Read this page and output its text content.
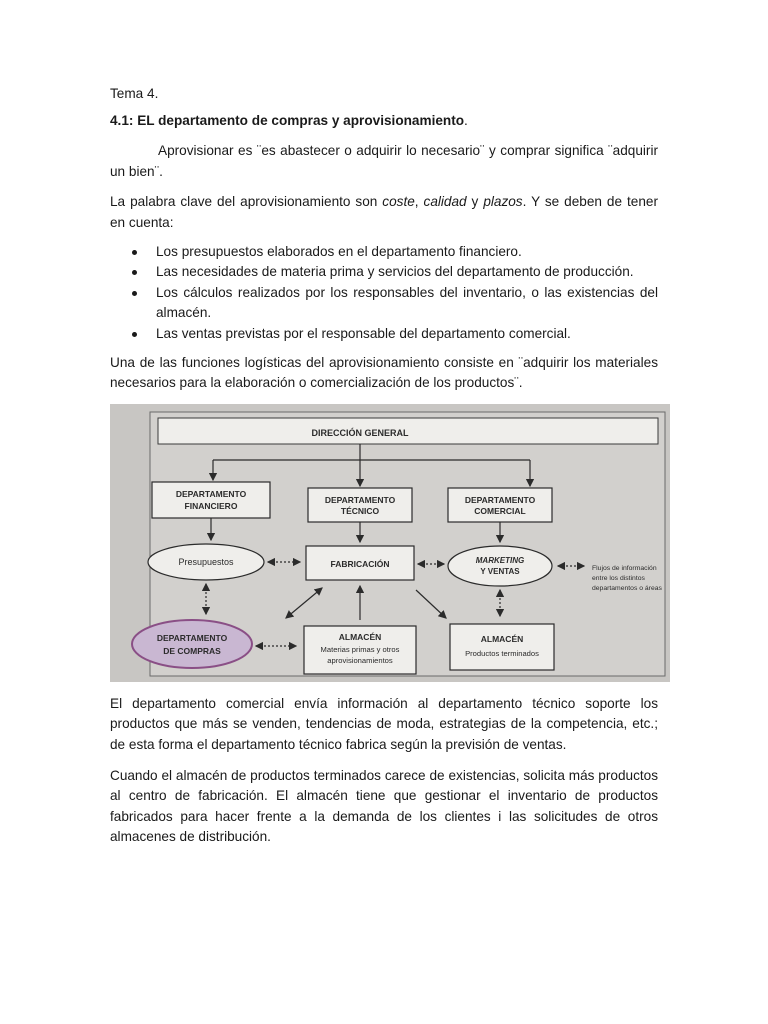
Tema 4.

4.1: EL departamento de compras y aprovisionamiento.

Aprovisionar es ¨es abastecer o adquirir lo necesario¨ y comprar significa ¨adquirir un bien¨.

La palabra clave del aprovisionamiento son coste, calidad y plazos. Y se deben de tener en cuenta:

Los presupuestos elaborados en el departamento financiero.
Las necesidades de materia prima y servicios del departamento de producción.
Los cálculos realizados por los responsables del inventario, o las existencias del almacén.
Las ventas previstas por el responsable del departamento comercial.

Una de las funciones logísticas del aprovisionamiento consiste en ¨adquirir los materiales necesarios para la elaboración o comercialización de los productos¨.

DIRECCIÓN GENERAL
DEPARTAMENTO
FINANCIERO
DEPARTAMENTO
TÉCNICO
DEPARTAMENTO
COMERCIAL
Presupuestos	FABRICACIÓN	MARKETING
Y VENTAS	Flujos de información
entre los distintos
departamentos o áreas
DEPARTAMENTO
DE COMPRAS
ALMACÉN
Materias primas y otros
aprovisionamientos
ALMACÉN
Productos terminados

El departamento comercial envía información al departamento técnico soporte los productos que más se venden, tendencias de moda, estrategias de la competencia, etc.; de esta forma el departamento técnico fabrica según la previsión de ventas.

Cuando el almacén de productos terminados carece de existencias, solicita más productos al centro de fabricación. El almacén tiene que gestionar el inventario de productos fabricados para hacer frente a la demanda de los clientes i las solicitudes de otros almacenes de distribución.
